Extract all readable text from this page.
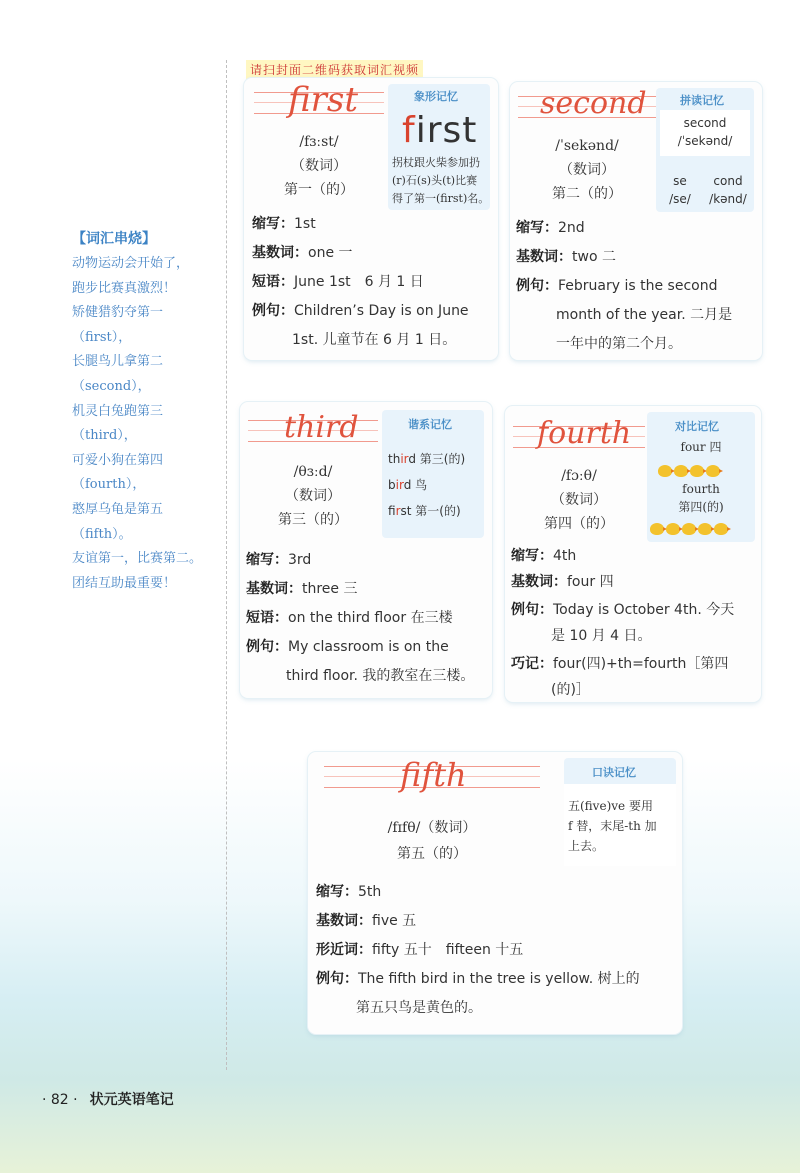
请扫封面二维码获取词汇视频
【词汇串烧】
动物运动会开始了，
跑步比赛真激烈！
矫健猎豹夺第一
（first），
长腿鸟儿拿第二
（second），
机灵白兔跑第三
（third），
可爱小狗在第四
（fourth），
憨厚乌龟是第五
（fifth）。
友谊第一，比赛第二。
团结互助最重要！
first
/fɜːst/
（数词）
第一（的）
象形记忆
first
拐杖跟火柴参加扔
(r)石(s)头(t)比赛
得了第一(first)名。
缩写：1st
基数词：one 一
短语：June 1st　6 月 1 日
例句：Children’s Day is on June
1st. 儿童节在 6 月 1 日。
second
/ˈsekənd/
（数词）
第二（的）
拼读记忆
second
/ˈsekənd/
se
/se/
cond
/kənd/
缩写：2nd
基数词：two 二
例句：February is the second
month of the year. 二月是
一年中的第二个月。
third
/θɜːd/
（数词）
第三（的）
谐系记忆
third 第三(的)
bird 鸟
first 第一(的)
缩写：3rd
基数词：three 三
短语：on the third floor 在三楼
例句：My classroom is on the
third floor. 我的教室在三楼。
fourth
/fɔːθ/
（数词）
第四（的）
对比记忆
four 四
fourth
第四(的)
缩写：4th
基数词：four 四
例句：Today is October 4th. 今天
是 10 月 4 日。
巧记：four(四)+th=fourth［第四
(的)］
fifth
/fɪfθ/（数词）
第五（的）
口诀记忆
五(five)ve 要用
f 替，末尾-th 加
上去。
缩写：5th
基数词：five 五
形近词：fifty 五十　fifteen 十五
例句：The fifth bird in the tree is yellow. 树上的
第五只鸟是黄色的。
· 82 · 状元英语笔记
